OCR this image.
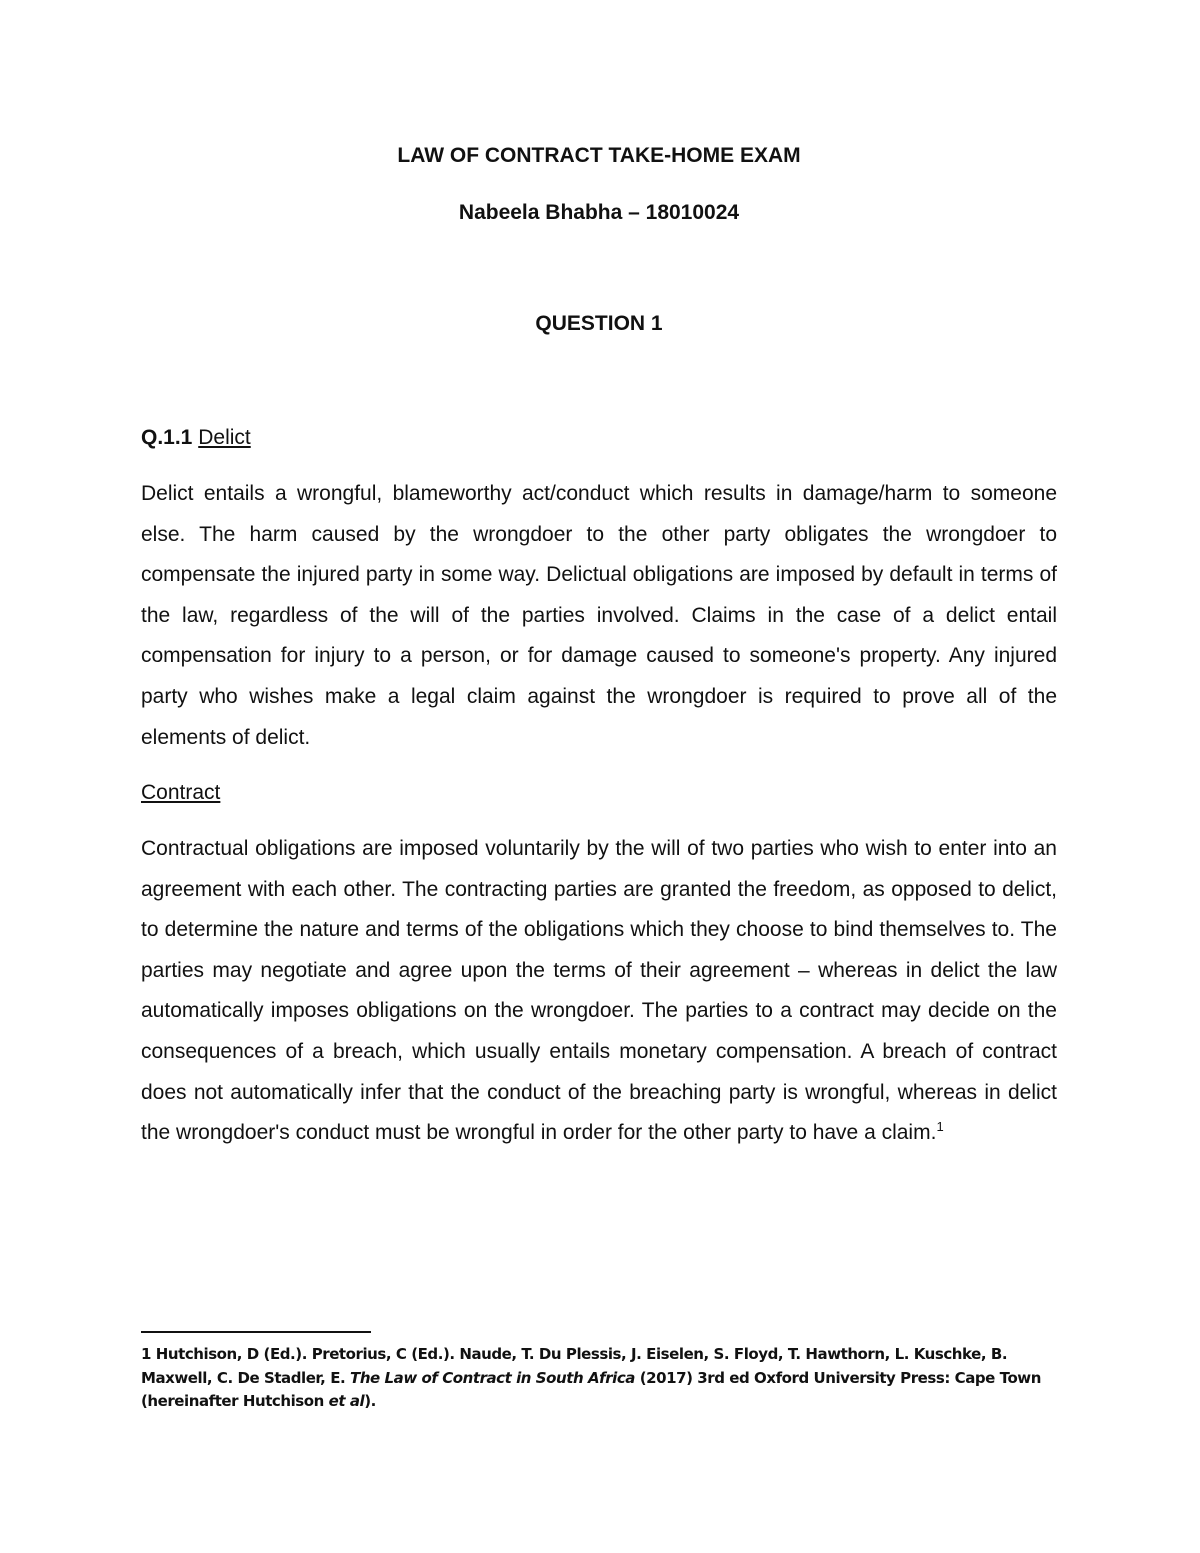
LAW OF CONTRACT TAKE-HOME EXAM
Nabeela Bhabha – 18010024
QUESTION 1
Q.1.1 Delict

Delict entails a wrongful, blameworthy act/conduct which results in damage/harm to someone else. The harm caused by the wrongdoer to the other party obligates the wrongdoer to compensate the injured party in some way. Delictual obligations are imposed by default in terms of the law, regardless of the will of the parties involved. Claims in the case of a delict entail compensation for injury to a person, or for damage caused to someone's property. Any injured party who wishes make a legal claim against the wrongdoer is required to prove all of the elements of delict.

Contract

Contractual obligations are imposed voluntarily by the will of two parties who wish to enter into an agreement with each other. The contracting parties are granted the freedom, as opposed to delict, to determine the nature and terms of the obligations which they choose to bind themselves to. The parties may negotiate and agree upon the terms of their agreement – whereas in delict the law automatically imposes obligations on the wrongdoer. The parties to a contract may decide on the consequences of a breach, which usually entails monetary compensation. A breach of contract does not automatically infer that the conduct of the breaching party is wrongful, whereas in delict the wrongdoer's conduct must be wrongful in order for the other party to have a claim.$^1$

1 Hutchison, D (Ed.). Pretorius, C (Ed.). Naude, T. Du Plessis, J. Eiselen, S. Floyd, T. Hawthorn, L. Kuschke, B. Maxwell, C. De Stadler, E. The Law of Contract in South Africa (2017) 3rd ed Oxford University Press: Cape Town (hereinafter Hutchison et al).
